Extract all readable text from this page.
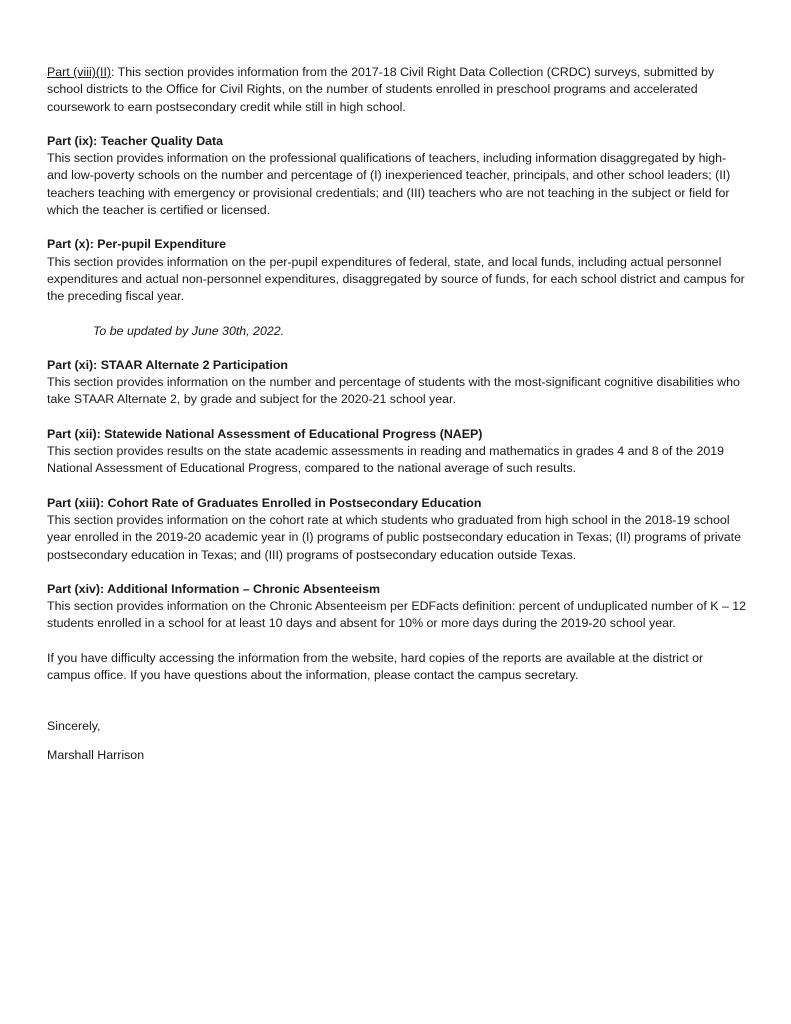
Part (viii)(II): This section provides information from the 2017-18 Civil Right Data Collection (CRDC) surveys, submitted by school districts to the Office for Civil Rights, on the number of students enrolled in preschool programs and accelerated coursework to earn postsecondary credit while still in high school.

Part (ix): Teacher Quality Data

This section provides information on the professional qualifications of teachers, including information disaggregated by high- and low-poverty schools on the number and percentage of (I) inexperienced teacher, principals, and other school leaders; (II) teachers teaching with emergency or provisional credentials; and (III) teachers who are not teaching in the subject or field for which the teacher is certified or licensed.

Part (x): Per-pupil Expenditure

This section provides information on the per-pupil expenditures of federal, state, and local funds, including actual personnel expenditures and actual non-personnel expenditures, disaggregated by source of funds, for each school district and campus for the preceding fiscal year.

To be updated by June 30th, 2022.

Part (xi): STAAR Alternate 2 Participation

This section provides information on the number and percentage of students with the most-significant cognitive disabilities who take STAAR Alternate 2, by grade and subject for the 2020-21 school year.

Part (xii): Statewide National Assessment of Educational Progress (NAEP)

This section provides results on the state academic assessments in reading and mathematics in grades 4 and 8 of the 2019 National Assessment of Educational Progress, compared to the national average of such results.

Part (xiii): Cohort Rate of Graduates Enrolled in Postsecondary Education

This section provides information on the cohort rate at which students who graduated from high school in the 2018-19 school year enrolled in the 2019-20 academic year in (I) programs of public postsecondary education in Texas; (II) programs of private postsecondary education in Texas; and (III) programs of postsecondary education outside Texas.

Part (xiv): Additional Information – Chronic Absenteeism

This section provides information on the Chronic Absenteeism per EDFacts definition: percent of unduplicated number of K – 12 students enrolled in a school for at least 10 days and absent for 10% or more days during the 2019-20 school year.

If you have difficulty accessing the information from the website, hard copies of the reports are available at the district or campus office. If you have questions about the information, please contact the campus secretary.

Sincerely,

Marshall Harrison
